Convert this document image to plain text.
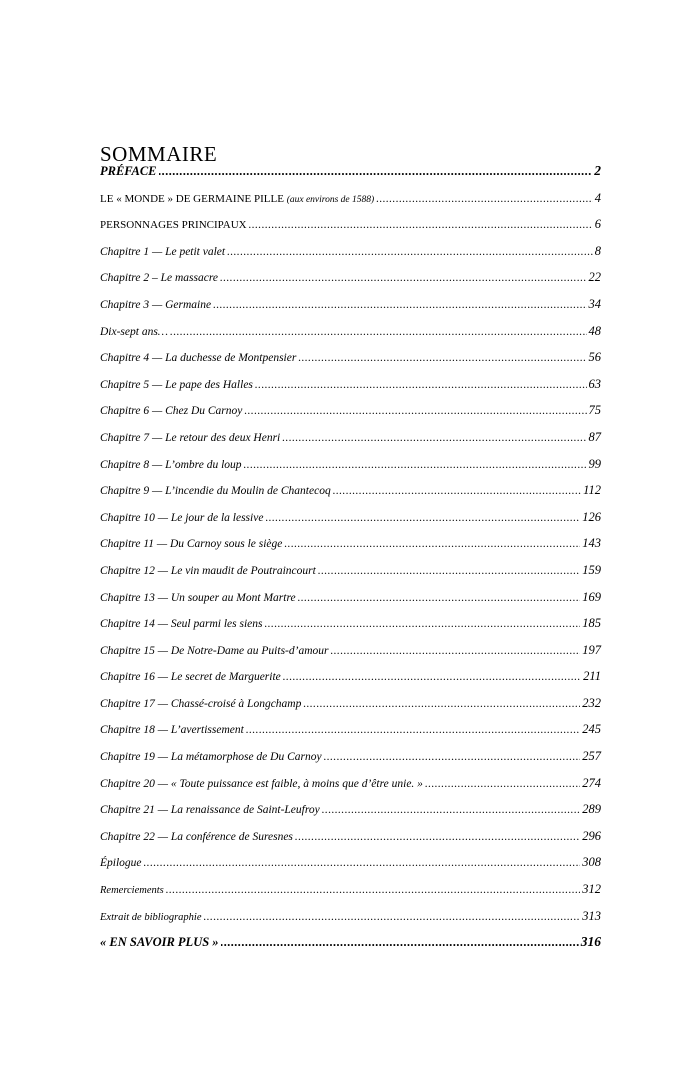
SOMMAIRE
PRÉFACE .....	2
LE « MONDE » DE GERMAINE PILLE (aux environs de 1588) .....	4
PERSONNAGES PRINCIPAUX .....	6
Chapitre 1 — Le petit valet .....	8
Chapitre 2 – Le massacre .....	22
Chapitre 3 — Germaine .....	34
Dix-sept ans… .....	48
Chapitre 4 — La duchesse de Montpensier .....	56
Chapitre 5 — Le pape des Halles .....	63
Chapitre 6 — Chez Du Carnoy .....	75
Chapitre 7 — Le retour des deux Henri .....	87
Chapitre 8 — L’ombre du loup .....	99
Chapitre 9 — L’incendie du Moulin de Chantecoq .....	112
Chapitre 10 — Le jour de la lessive .....	126
Chapitre 11 — Du Carnoy sous le siège .....	143
Chapitre 12 — Le vin maudit de Poutraincourt .....	159
Chapitre 13 — Un souper au Mont Martre .....	169
Chapitre 14 — Seul parmi les siens .....	185
Chapitre 15 — De Notre-Dame au Puits-d’amour .....	197
Chapitre 16 — Le secret de Marguerite .....	211
Chapitre 17 — Chassé-croisé à Longchamp .....	232
Chapitre 18 — L’avertissement .....	245
Chapitre 19 — La métamorphose de Du Carnoy .....	257
Chapitre 20 — « Toute puissance est faible, à moins que d’être unie. » .....	274
Chapitre 21 — La renaissance de Saint-Leufroy .....	289
Chapitre 22 — La conférence de Suresnes .....	296
Épilogue .....	308
Remerciements .....	312
Extrait de bibliographie .....	313
« EN SAVOIR PLUS » .....	316
